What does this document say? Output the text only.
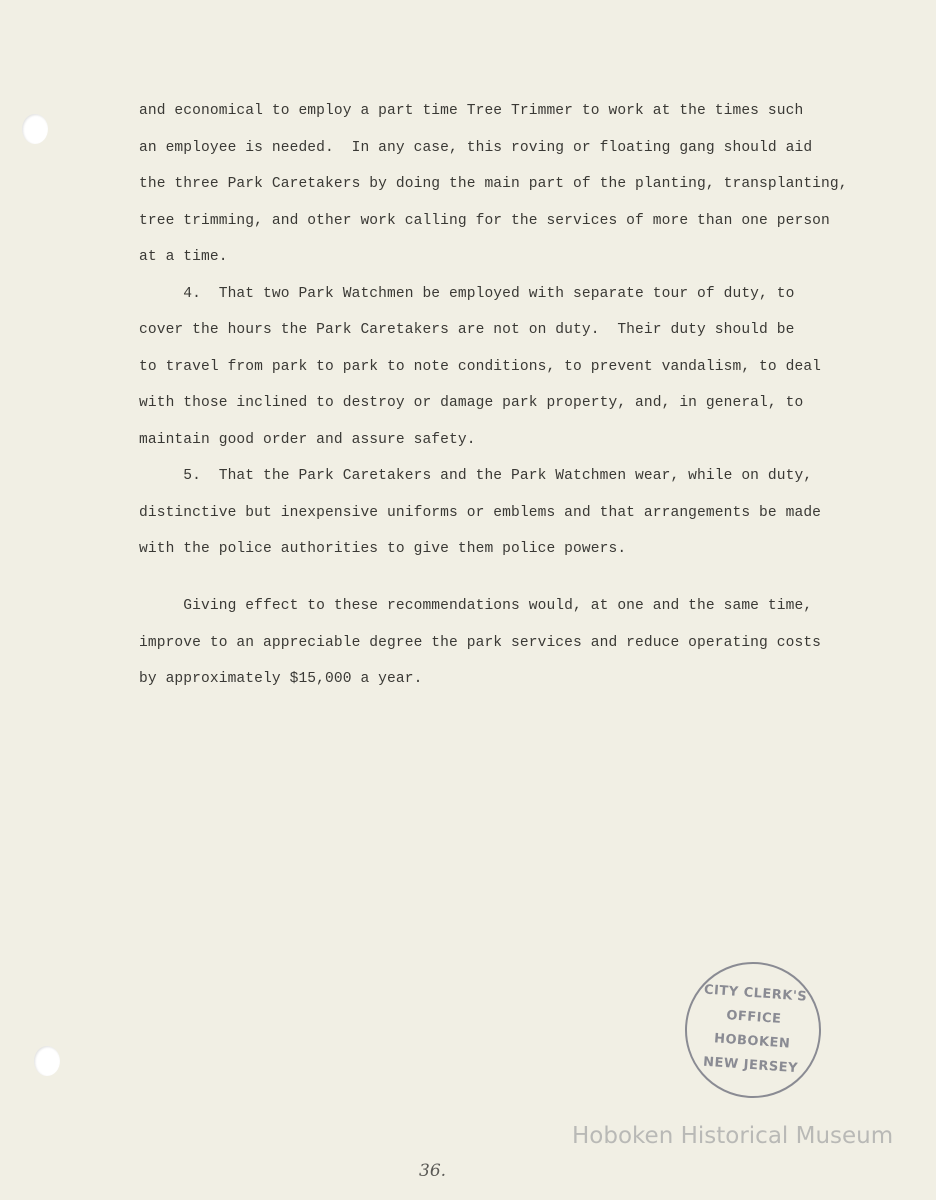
and economical to employ a part time Tree Trimmer to work at the times such
an employee is needed.  In any case, this roving or floating gang should aid
the three Park Caretakers by doing the main part of the planting, transplanting,
tree trimming, and other work calling for the services of more than one person
at a time.
4.  That two Park Watchmen be employed with separate tour of duty, to
cover the hours the Park Caretakers are not on duty.  Their duty should be
to travel from park to park to note conditions, to prevent vandalism, to deal
with those inclined to destroy or damage park property, and, in general, to
maintain good order and assure safety.
5.  That the Park Caretakers and the Park Watchmen wear, while on duty,
distinctive but inexpensive uniforms or emblems and that arrangements be made
with the police authorities to give them police powers.
Giving effect to these recommendations would, at one and the same time,
improve to an appreciable degree the park services and reduce operating costs
by approximately $15,000 a year.
CITY CLERK'S
OFFICE
HOBOKEN
NEW JERSEY
Hoboken Historical Museum
36.
